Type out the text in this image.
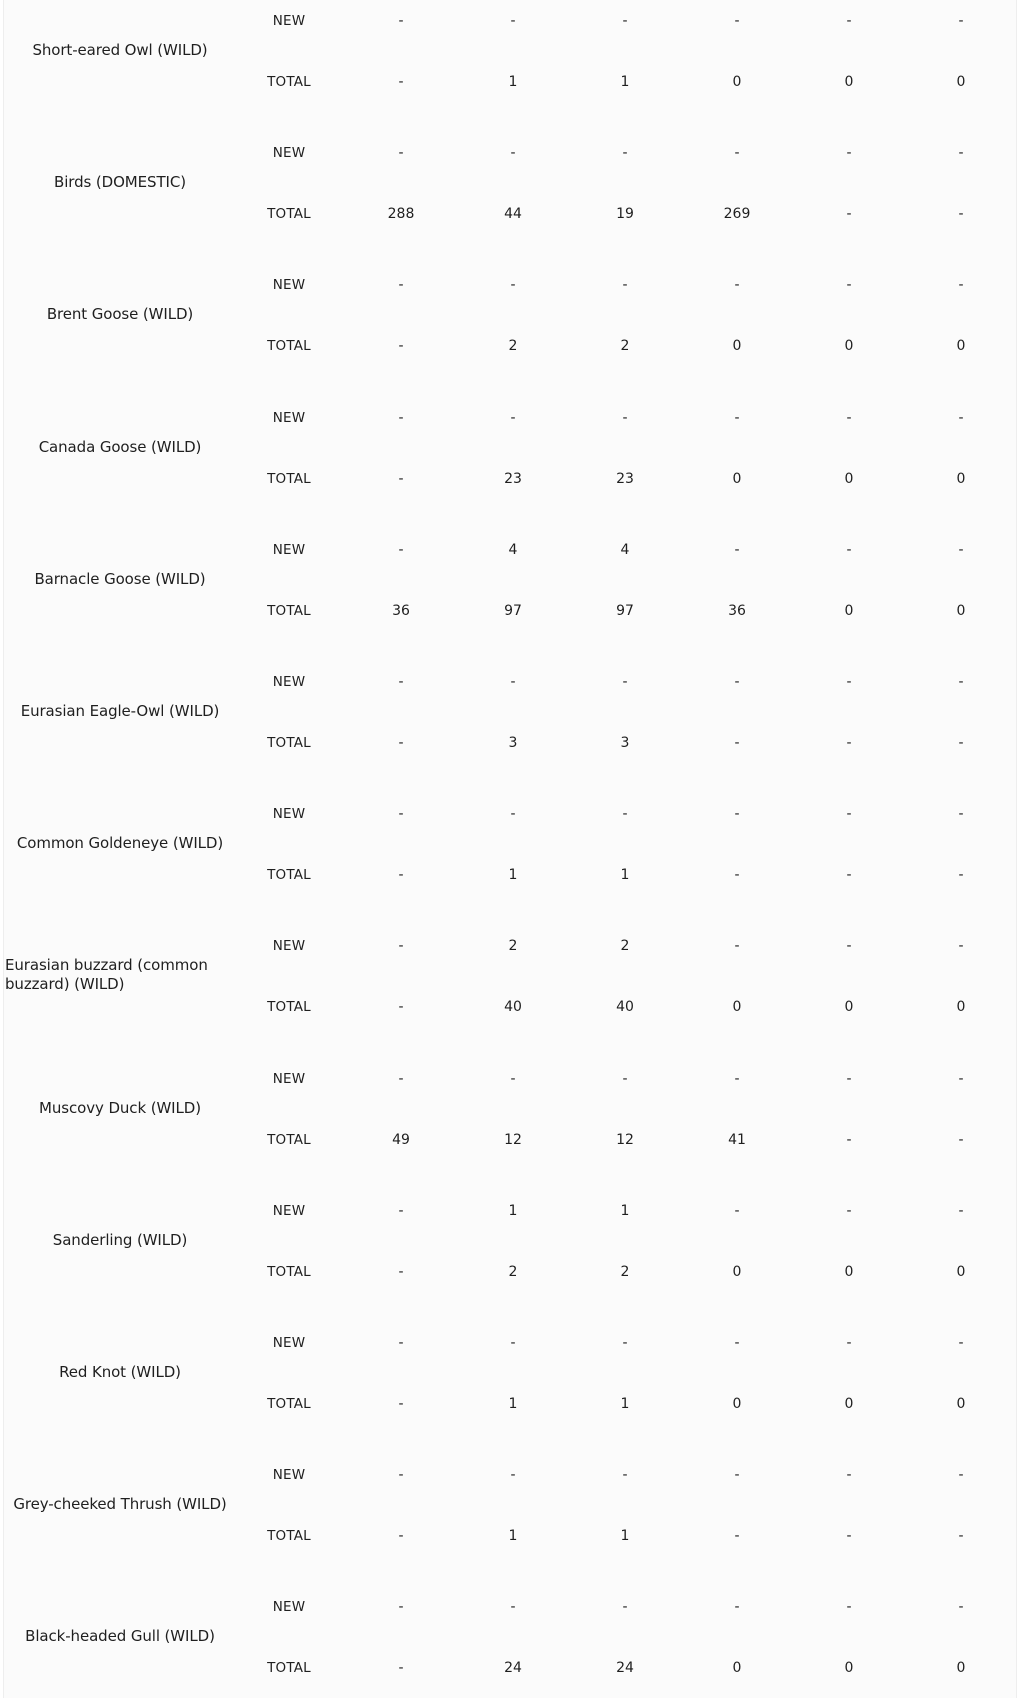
Short-eared Owl (WILD)
NEW	-	-	-	-	-	-
TOTAL	-	1	1	0	0	0
Birds (DOMESTIC)
NEW	-	-	-	-	-	-
TOTAL	288	44	19	269	-	-
Brent Goose (WILD)
NEW	-	-	-	-	-	-
TOTAL	-	2	2	0	0	0
Canada Goose (WILD)
NEW	-	-	-	-	-	-
TOTAL	-	23	23	0	0	0
Barnacle Goose (WILD)
NEW	-	4	4	-	-	-
TOTAL	36	97	97	36	0	0
Eurasian Eagle-Owl (WILD)
NEW	-	-	-	-	-	-
TOTAL	-	3	3	-	-	-
Common Goldeneye (WILD)
NEW	-	-	-	-	-	-
TOTAL	-	1	1	-	-	-
Eurasian buzzard (common buzzard) (WILD)
NEW	-	2	2	-	-	-
TOTAL	-	40	40	0	0	0
Muscovy Duck (WILD)
NEW	-	-	-	-	-	-
TOTAL	49	12	12	41	-	-
Sanderling (WILD)
NEW	-	1	1	-	-	-
TOTAL	-	2	2	0	0	0
Red Knot (WILD)
NEW	-	-	-	-	-	-
TOTAL	-	1	1	0	0	0
Grey-cheeked Thrush (WILD)
NEW	-	-	-	-	-	-
TOTAL	-	1	1	-	-	-
Black-headed Gull (WILD)
NEW	-	-	-	-	-	-
TOTAL	-	24	24	0	0	0
